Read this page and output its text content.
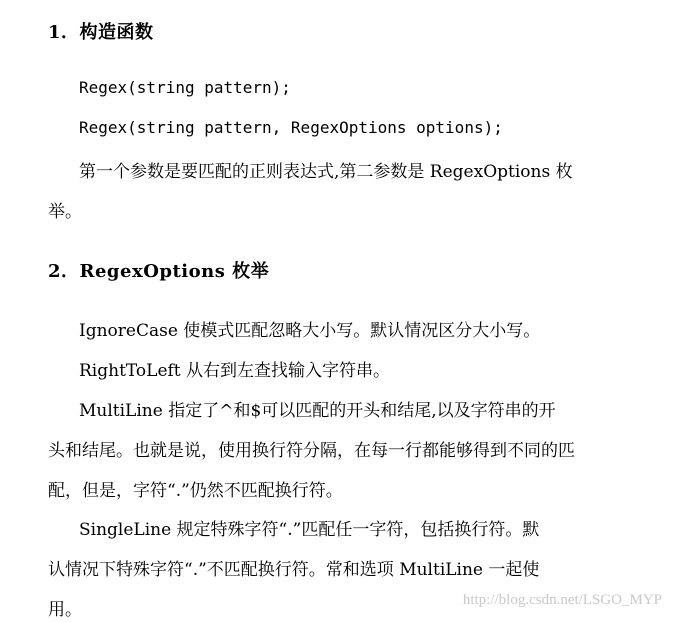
1．构造函数
Regex(string pattern);
Regex(string pattern, RegexOptions options);
第一个参数是要匹配的正则表达式,第二参数是 RegexOptions 枚
举。
2．RegexOptions 枚举
IgnoreCase 使模式匹配忽略大小写。默认情况区分大小写。
RightToLeft 从右到左查找输入字符串。
MultiLine 指定了^和$可以匹配的开头和结尾,以及字符串的开
头和结尾。也就是说，使用换行符分隔，在每一行都能够得到不同的匹
配，但是，字符“.”仍然不匹配换行符。
SingleLine 规定特殊字符“.”匹配任一字符，包括换行符。默
认情况下特殊字符“.”不匹配换行符。常和选项 MultiLine 一起使
用。	http://blog.csdn.net/LSGO_MYP
